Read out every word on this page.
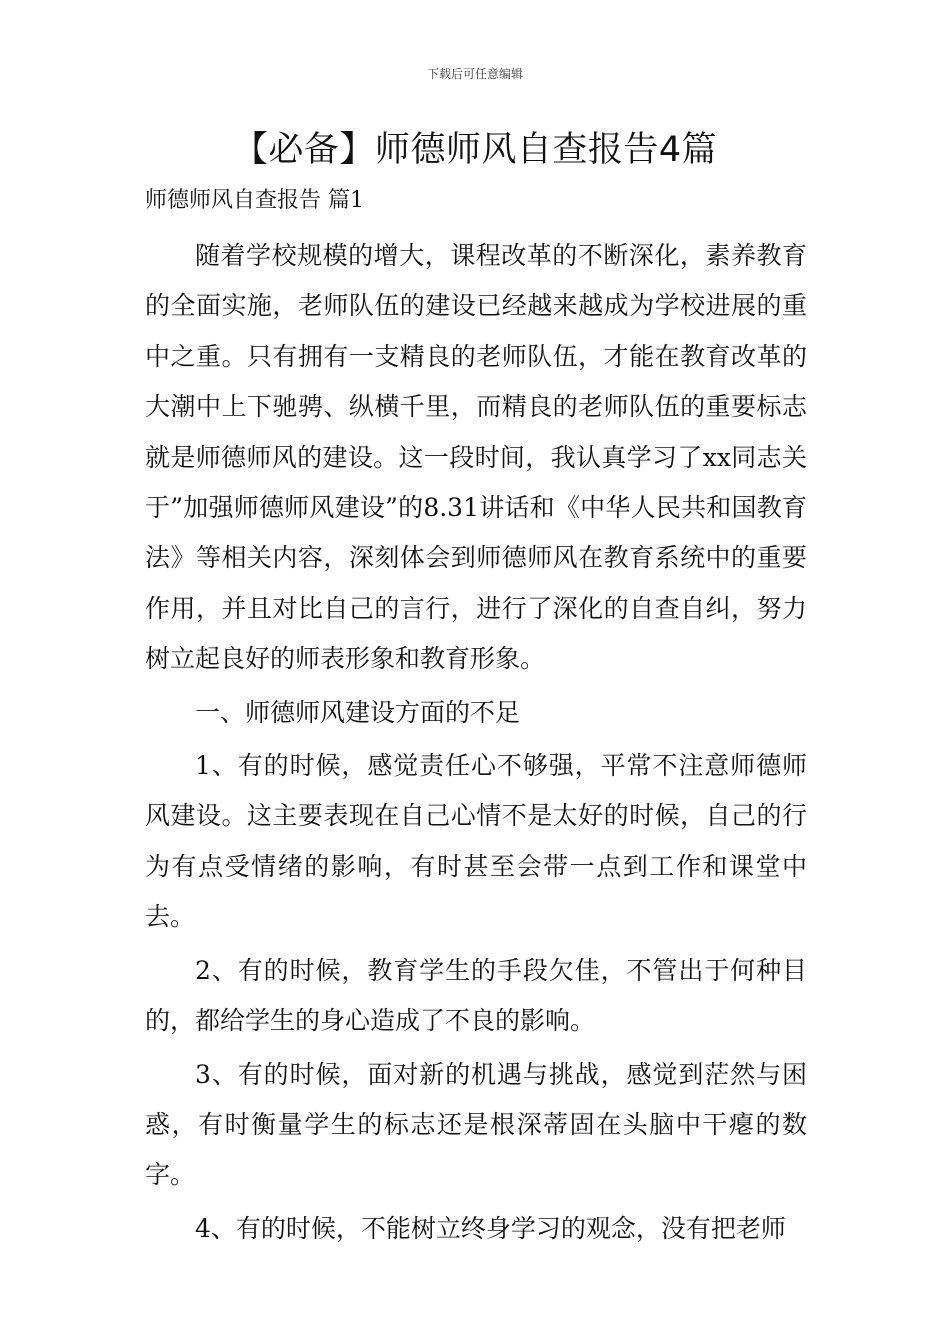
下载后可任意编辑
【必备】师德师风自查报告4篇
师德师风自查报告 篇1

随着学校规模的增大，课程改革的不断深化，素养教育的全面实施，老师队伍的建设已经越来越成为学校进展的重中之重。只有拥有一支精良的老师队伍，才能在教育改革的大潮中上下驰骋、纵横千里，而精良的老师队伍的重要标志就是师德师风的建设。这一段时间，我认真学习了xx同志关于”加强师德师风建设”的8.31讲话和《中华人民共和国教育法》等相关内容，深刻体会到师德师风在教育系统中的重要作用，并且对比自己的言行，进行了深化的自查自纠，努力树立起良好的师表形象和教育形象。

一、师德师风建设方面的不足

1、有的时候，感觉责任心不够强，平常不注意师德师风建设。这主要表现在自己心情不是太好的时候，自己的行为有点受情绪的影响，有时甚至会带一点到工作和课堂中去。

2、有的时候，教育学生的手段欠佳，不管出于何种目的，都给学生的身心造成了不良的影响。

3、有的时候，面对新的机遇与挑战，感觉到茫然与困惑，有时衡量学生的标志还是根深蒂固在头脑中干瘪的数字。

4、有的时候，不能树立终身学习的观念，没有把老师
